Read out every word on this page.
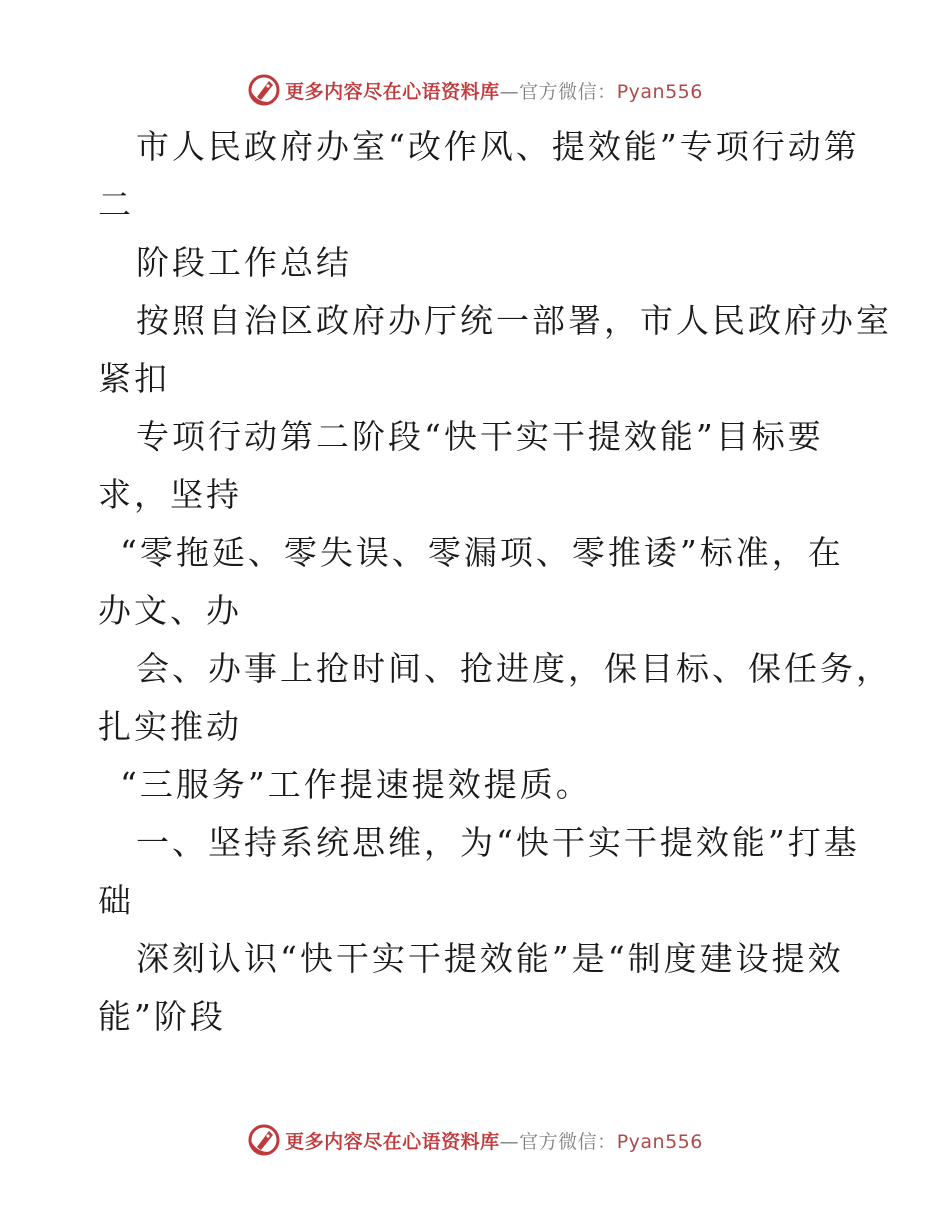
更多内容尽在心语资料库—官方微信：Pyan556
市人民政府办室“改作风、提效能”专项行动第
二
阶段工作总结
按照自治区政府办厅统一部署，市人民政府办室
紧扣
专项行动第二阶段“快干实干提效能”目标要
求，坚持
“零拖延、零失误、零漏项、零推诿”标准，在
办文、办
会、办事上抢时间、抢进度，保目标、保任务，
扎实推动
“三服务”工作提速提效提质。
一、坚持系统思维，为“快干实干提效能”打基
础
深刻认识“快干实干提效能”是“制度建设提效
能”阶段
更多内容尽在心语资料库—官方微信：Pyan556
